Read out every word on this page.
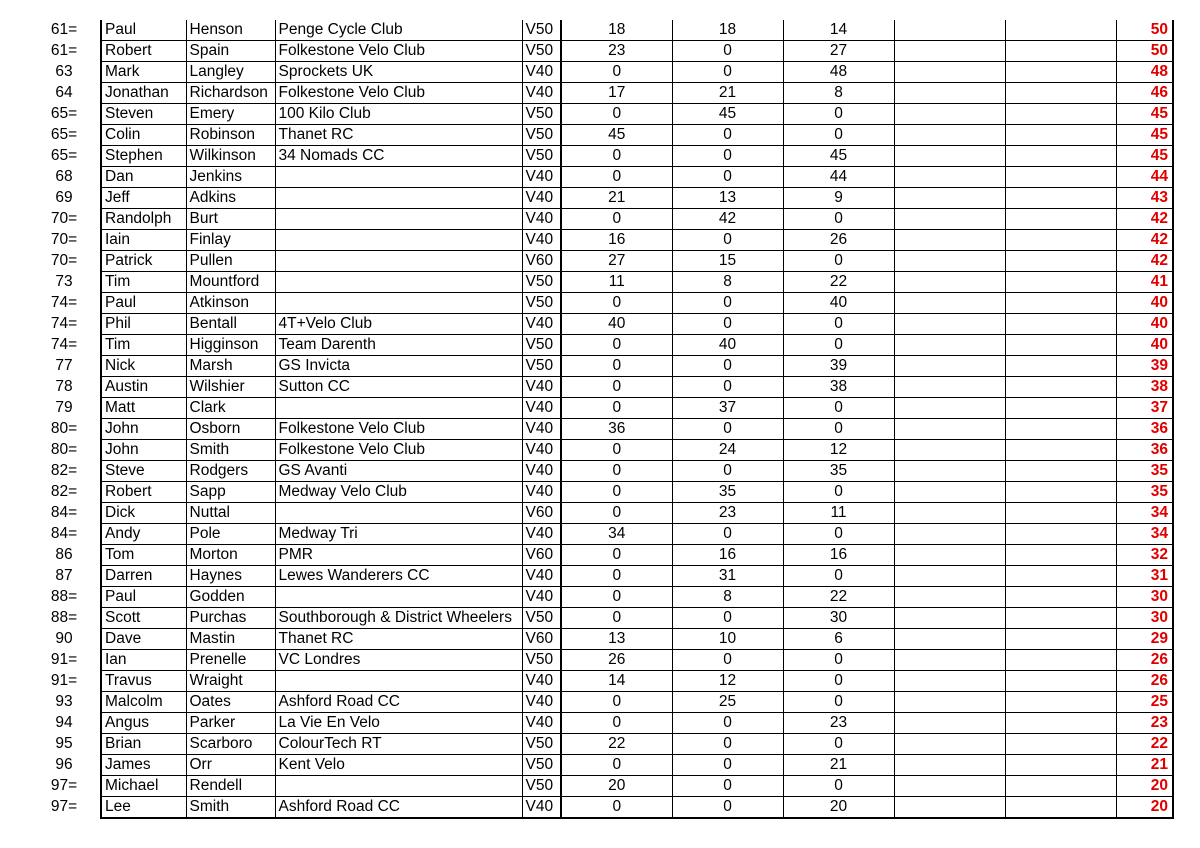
61=	Paul	Henson	Penge Cycle Club	V50	18	18	14			50
61=	Robert	Spain	Folkestone Velo Club	V50	23	0	27			50
63	Mark	Langley	Sprockets UK	V40	0	0	48			48
64	Jonathan	Richardson	Folkestone Velo Club	V40	17	21	8			46
65=	Steven	Emery	100 Kilo Club	V50	0	45	0			45
65=	Colin	Robinson	Thanet RC	V50	45	0	0			45
65=	Stephen	Wilkinson	34 Nomads CC	V50	0	0	45			45
68	Dan	Jenkins		V40	0	0	44			44
69	Jeff	Adkins		V40	21	13	9			43
70=	Randolph	Burt		V40	0	42	0			42
70=	Iain	Finlay		V40	16	0	26			42
70=	Patrick	Pullen		V60	27	15	0			42
73	Tim	Mountford		V50	11	8	22			41
74=	Paul	Atkinson		V50	0	0	40			40
74=	Phil	Bentall	4T+Velo Club	V40	40	0	0			40
74=	Tim	Higginson	Team Darenth	V50	0	40	0			40
77	Nick	Marsh	GS Invicta	V50	0	0	39			39
78	Austin	Wilshier	Sutton CC	V40	0	0	38			38
79	Matt	Clark		V40	0	37	0			37
80=	John	Osborn	Folkestone Velo Club	V40	36	0	0			36
80=	John	Smith	Folkestone Velo Club	V40	0	24	12			36
82=	Steve	Rodgers	GS Avanti	V40	0	0	35			35
82=	Robert	Sapp	Medway Velo Club	V40	0	35	0			35
84=	Dick	Nuttal		V60	0	23	11			34
84=	Andy	Pole	Medway Tri	V40	34	0	0			34
86	Tom	Morton	PMR	V60	0	16	16			32
87	Darren	Haynes	Lewes Wanderers CC	V40	0	31	0			31
88=	Paul	Godden		V40	0	8	22			30
88=	Scott	Purchas	Southborough & District Wheelers	V50	0	0	30			30
90	Dave	Mastin	Thanet RC	V60	13	10	6			29
91=	Ian	Prenelle	VC Londres	V50	26	0	0			26
91=	Travus	Wraight		V40	14	12	0			26
93	Malcolm	Oates	Ashford Road CC	V40	0	25	0			25
94	Angus	Parker	La Vie En Velo	V40	0	0	23			23
95	Brian	Scarboro	ColourTech RT	V50	22	0	0			22
96	James	Orr	Kent Velo	V50	0	0	21			21
97=	Michael	Rendell		V50	20	0	0			20
97=	Lee	Smith	Ashford Road CC	V40	0	0	20			20
